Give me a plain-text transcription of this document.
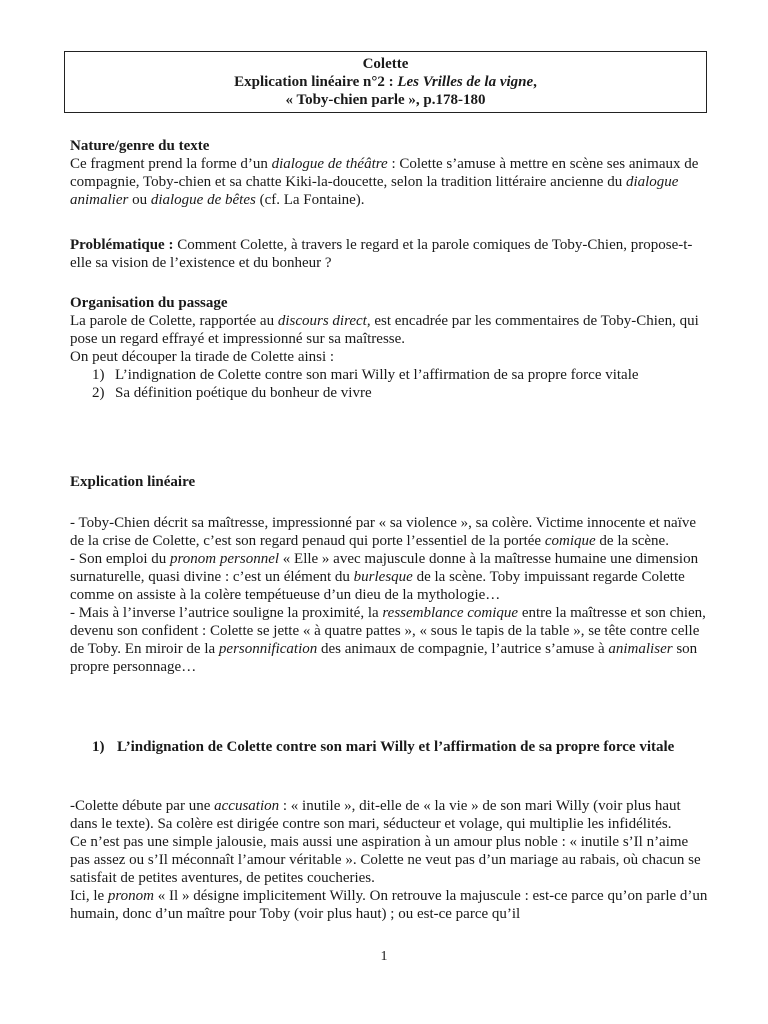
Colette
Explication linéaire n°2 : Les Vrilles de la vigne,
« Toby-chien parle », p.178-180

Nature/genre du texte

Ce fragment prend la forme d’un dialogue de théâtre : Colette s’amuse à mettre en scène ses animaux de compagnie, Toby-chien et sa chatte Kiki-la-doucette, selon la tradition littéraire ancienne du dialogue animalier ou dialogue de bêtes (cf. La Fontaine).

Problématique : Comment Colette, à travers le regard et la parole comiques de Toby-Chien, propose-t-elle sa vision de l’existence et du bonheur ?

Organisation du passage

La parole de Colette, rapportée au discours direct, est encadrée par les commentaires de Toby-Chien, qui pose un regard effrayé et impressionné sur sa maîtresse.

On peut découper la tirade de Colette ainsi :

1) L’indignation de Colette contre son mari Willy et l’affirmation de sa propre force vitale
2) Sa définition poétique du bonheur de vivre

Explication linéaire

- Toby-Chien décrit sa maîtresse, impressionné par « sa violence », sa colère. Victime innocente et naïve de la crise de Colette, c’est son regard penaud qui porte l’essentiel de la portée comique de la scène.

- Son emploi du pronom personnel « Elle » avec majuscule donne à la maîtresse humaine une dimension surnaturelle, quasi divine : c’est un élément du burlesque de la scène. Toby impuissant regarde Colette comme on assiste à la colère tempétueuse d’un dieu de la mythologie…

- Mais à l’inverse l’autrice souligne la proximité, la ressemblance comique entre la maîtresse et son chien, devenu son confident : Colette se jette « à quatre pattes », « sous le tapis de la table », se tête contre celle de Toby. En miroir de la personnification des animaux de compagnie, l’autrice s’amuse à animaliser son propre personnage…

1) L’indignation de Colette contre son mari Willy et l’affirmation de sa propre force vitale

-Colette débute par une accusation : « inutile », dit-elle de « la vie » de son mari Willy (voir plus haut dans le texte). Sa colère est dirigée contre son mari, séducteur et volage, qui multiplie les infidélités.

Ce n’est pas une simple jalousie, mais aussi une aspiration à un amour plus noble : « inutile s’Il n’aime pas assez ou s’Il méconnaît l’amour véritable ». Colette ne veut pas d’un mariage au rabais, où chacun se satisfait de petites aventures, de petites coucheries.

Ici, le pronom « Il » désigne implicitement Willy. On retrouve la majuscule : est-ce parce qu’on parle d’un humain, donc d’un maître pour Toby (voir plus haut) ; ou est-ce parce qu’il

1
